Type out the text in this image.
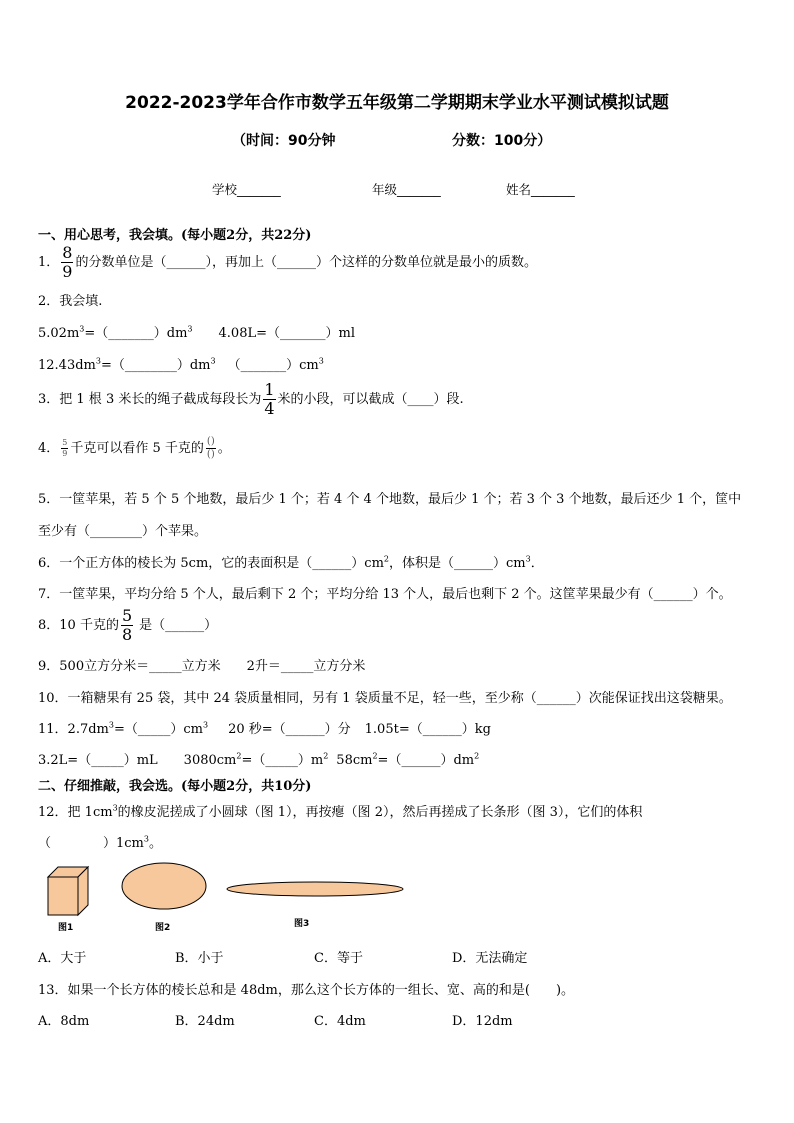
2022-2023学年合作市数学五年级第二学期期末学业水平测试模拟试题
（时间：90分钟	分数：100分）
学校_______	年级_______	姓名_______
一、用心思考，我会填。(每小题2分，共22分)
1． $\frac{8}{9}$ 的分数单位是（______），再加上（______）个这样的分数单位就是最小的质数。
2．我会填.
$5.02m^3=(\_\_\_\_\_\_\_)dm^3$ 4.08L=（_______）ml
$12.43dm^3=(\_\_\_\_\_\_\_\_)dm^3$ $(\_\_\_\_\_\_\_)cm^3$
3．把 1 根 3 米长的绳子截成每段长为 $\frac{1}{4}$ 米的小段，可以截成（____）段.
4． $\frac{5}{9}$ 千克可以看作 5 千克的 $\frac{()}{()}$ 。
5．一筐苹果，若 5 个 5 个地数，最后少 1 个；若 4 个 4 个地数，最后少 1 个；若 3 个 3 个地数，最后还少 1 个，筐中
至少有（________）个苹果。
6．一个正方体的棱长为 5cm，它的表面积是$(\_\_\_\_\_\_)cm^2$，体积是$(\_\_\_\_\_\_)cm^3$．
7．一筐苹果，平均分给 5 个人，最后剩下 2 个；平均分给 13 个人，最后也剩下 2 个。这筐苹果最少有（______）个。
8．10 千克的 $\frac{5}{8}$ 是（______）
9．500立方分米＝_____立方米　　2升＝_____立方分米
10．一箱糖果有 25 袋，其中 24 袋质量相同，另有 1 袋质量不足，轻一些，至少称（______）次能保证找出这袋糖果。
11．$2.7dm^3=(\_\_\_\_\_)cm^3$ 20 秒=（______）分 1.05t=（______）kg
3.2L=（_____）mL $3080cm^2=(\_\_\_\_\_)m^2$ $58cm^2=(\_\_\_\_\_\_)dm^2$
二、仔细推敲，我会选。(每小题2分，共10分)
12．把 $1cm^3$的橡皮泥搓成了小圆球（图 1），再按瘪（图 2），然后再搓成了长条形（图 3），它们的体积
（　　　　）$1cm^3$。
图1	图2	图3
A．大于	B．小于	C．等于	D．无法确定
13．如果一个长方体的棱长总和是 48dm，那么这个长方体的一组长、宽、高的和是(　　)。
A．8dm	B．24dm	C．4dm	D．12dm
